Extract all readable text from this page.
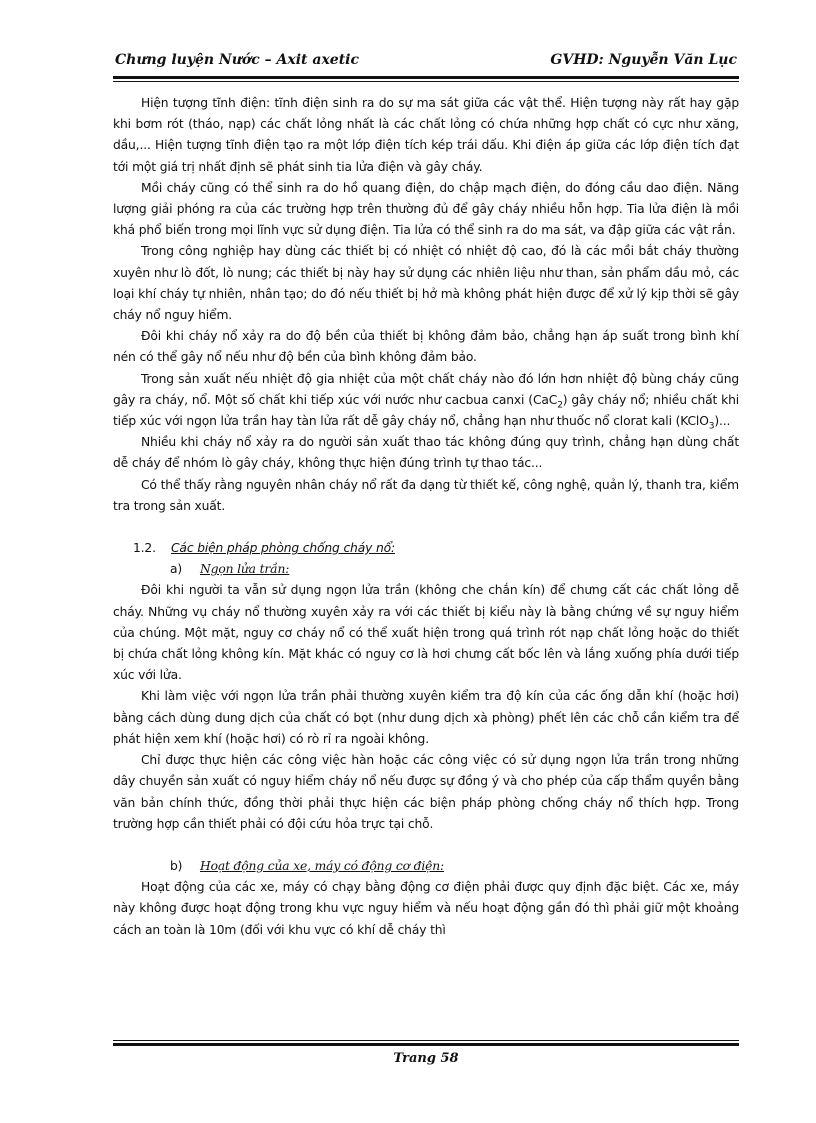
Chưng luyện Nước – Axit axetic	GVHD: Nguyễn Văn Lục

Hiện tượng tĩnh điện: tĩnh điện sinh ra do sự ma sát giữa các vật thể. Hiện tượng này rất hay gặp khi bơm rót (tháo, nạp) các chất lỏng nhất là các chất lỏng có chứa những hợp chất có cực như xăng, dầu,... Hiện tượng tĩnh điện tạo ra một lớp điện tích kép trái dấu. Khi điện áp giữa các lớp điện tích đạt tới một giá trị nhất định sẽ phát sinh tia lửa điện và gây cháy.

Mồi cháy cũng có thể sinh ra do hồ quang điện, do chập mạch điện, do đóng cầu dao điện. Năng lượng giải phóng ra của các trường hợp trên thường đủ để gây cháy nhiều hỗn hợp. Tia lửa điện là mồi khá phổ biến trong mọi lĩnh vực sử dụng điện. Tia lửa có thể sinh ra do ma sát, va đập giữa các vật rắn.

Trong công nghiệp hay dùng các thiết bị có nhiệt có nhiệt độ cao, đó là các mồi bắt cháy thường xuyên như lò đốt, lò nung; các thiết bị này hay sử dụng các nhiên liệu như than, sản phẩm dầu mỏ, các loại khí cháy tự nhiên, nhân tạo; do đó nếu thiết bị hở mà không phát hiện được để xử lý kịp thời sẽ gây cháy nổ nguy hiểm.

Đôi khi cháy nổ xảy ra do độ bền của thiết bị không đảm bảo, chẳng hạn áp suất trong bình khí nén có thể gây nổ nếu như độ bền của bình không đảm bảo.

Trong sản xuất nếu nhiệt độ gia nhiệt của một chất cháy nào đó lớn hơn nhiệt độ bùng cháy cũng gây ra cháy, nổ. Một số chất khi tiếp xúc với nước như cacbua canxi (CaC$_2$) gây cháy nổ; nhiều chất khi tiếp xúc với ngọn lửa trần hay tàn lửa rất dễ gây cháy nổ, chẳng hạn như thuốc nổ clorat kali (KClO$_3$)...

Nhiều khi cháy nổ xảy ra do người sản xuất thao tác không đúng quy trình, chẳng hạn dùng chất dễ cháy để nhóm lò gây cháy, không thực hiện đúng trình tự thao tác...

Có thể thấy rằng nguyên nhân cháy nổ rất đa dạng từ thiết kế, công nghệ, quản lý, thanh tra, kiểm tra trong sản xuất.

1.2. Các biện pháp phòng chống cháy nổ:
a) Ngọn lửa trần:

Đôi khi người ta vẫn sử dụng ngọn lửa trần (không che chắn kín) để chưng cất các chất lỏng dễ cháy. Những vụ cháy nổ thường xuyên xảy ra với các thiết bị kiểu này là bằng chứng về sự nguy hiểm của chúng. Một mặt, nguy cơ cháy nổ có thể xuất hiện trong quá trình rót nạp chất lỏng hoặc do thiết bị chứa chất lỏng không kín. Mặt khác có nguy cơ là hơi chưng cất bốc lên và lắng xuống phía dưới tiếp xúc với lửa.

Khi làm việc với ngọn lửa trần phải thường xuyên kiểm tra độ kín của các ống dẫn khí (hoặc hơi) bằng cách dùng dung dịch của chất có bọt (như dung dịch xà phòng) phết lên các chỗ cần kiểm tra để phát hiện xem khí (hoặc hơi) có rò rỉ ra ngoài không.

Chỉ được thực hiện các công việc hàn hoặc các công việc có sử dụng ngọn lửa trần trong những dây chuyền sản xuất có nguy hiểm cháy nổ nếu được sự đồng ý và cho phép của cấp thẩm quyền bằng văn bản chính thức, đồng thời phải thực hiện các biện pháp phòng chống cháy nổ thích hợp. Trong trường hợp cần thiết phải có đội cứu hỏa trực tại chỗ.

b) Hoạt động của xe, máy có động cơ điện:

Hoạt động của các xe, máy có chạy bằng động cơ điện phải được quy định đặc biệt. Các xe, máy này không được hoạt động trong khu vực nguy hiểm và nếu hoạt động gần đó thì phải giữ một khoảng cách an toàn là 10m (đối với khu vực có khí dễ cháy thì

Trang 58
